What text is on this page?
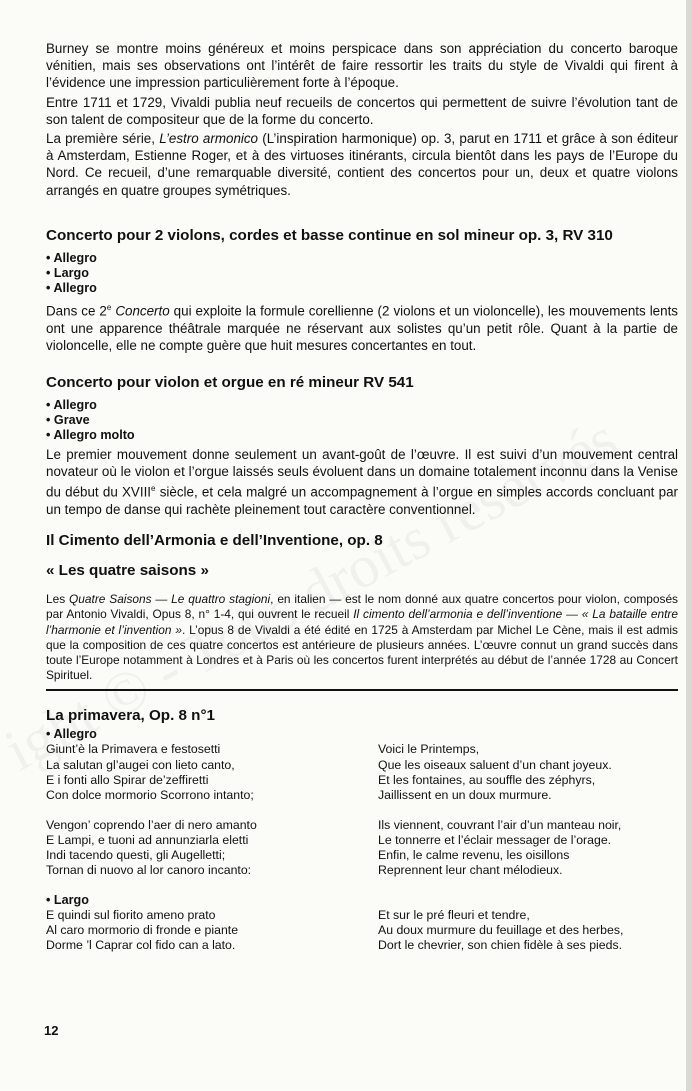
Burney se montre moins généreux et moins perspicace dans son appréciation du concerto baroque vénitien, mais ses observations ont l’intérêt de faire ressortir les traits du style de Vivaldi qui firent à l’évidence une impression particulièrement forte à l’époque.

Entre 1711 et 1729, Vivaldi publia neuf recueils de concertos qui permettent de suivre l’évolution tant de son talent de compositeur que de la forme du concerto.

La première série, L’estro armonico (L’inspiration harmonique) op. 3, parut en 1711 et grâce à son éditeur à Amsterdam, Estienne Roger, et à des virtuoses itinérants, circula bientôt dans les pays de l’Europe du Nord. Ce recueil, d’une remarquable diversité, contient des concertos pour un, deux et quatre violons arrangés en quatre groupes symétriques.

Concerto pour 2 violons, cordes et basse continue en sol mineur op. 3, RV 310
• Allegro
• Largo
• Allegro

Dans ce 2e Concerto qui exploite la formule corellienne (2 violons et un violoncelle), les mouvements lents ont une apparence théâtrale marquée ne réservant aux solistes qu’un petit rôle. Quant à la partie de violoncelle, elle ne compte guère que huit mesures concertantes en tout.

Concerto pour violon et orgue en ré mineur RV 541
• Allegro
• Grave
• Allegro molto

Le premier mouvement donne seulement un avant-goût de l’œuvre. Il est suivi d’un mouvement central novateur où le violon et l’orgue laissés seuls évoluent dans un domaine totalement inconnu dans la Venise du début du XVIIIe siècle, et cela malgré un accompagnement à l’orgue en simples accords concluant par un tempo de danse qui rachète pleinement tout caractère conventionnel.

Il Cimento dell’Armonia e dell’Inventione, op. 8
« Les quatre saisons »

Les Quatre Saisons — Le quattro stagioni, en italien — est le nom donné aux quatre concertos pour violon, composés par Antonio Vivaldi, Opus 8, n° 1-4, qui ouvrent le recueil Il cimento dell’armonia e dell’inventione — « La bataille entre l’harmonie et l’invention ». L’opus 8 de Vivaldi a été édité en 1725 à Amsterdam par Michel Le Cène, mais il est admis que la composition de ces quatre concertos est antérieure de plusieurs années. L’œuvre connut un grand succès dans toute l’Europe notamment à Londres et à Paris où les concertos furent interprétés au début de l’année 1728 au Concert Spirituel.

La primavera, Op. 8 n°1
• Allegro
Giunt’è la Primavera e festosetti
La salutan gl’augei con lieto canto,
E i fonti allo Spirar de’zeffiretti
Con dolce mormorio Scorrono intanto;
Voici le Printemps,
Que les oiseaux saluent d’un chant joyeux.
Et les fontaines, au souffle des zéphyrs,
Jaillissent en un doux murmure.
Vengon’ coprendo l’aer di nero amanto
E Lampi, e tuoni ad annunziarla eletti
Indi tacendo questi, gli Augelletti;
Tornan di nuovo al lor canoro incanto:
Ils viennent, couvrant l’air d’un manteau noir,
Le tonnerre et l’éclair messager de l’orage.
Enfin, le calme revenu, les oisillons
Reprennent leur chant mélodieux.
• Largo
E quindi sul fiorito ameno prato
Al caro mormorio di fronde e piante
Dorme ’l Caprar col fido can a lato.
Et sur le pré fleuri et tendre,
Au doux murmure du feuillage et des herbes,
Dort le chevrier, son chien fidèle à ses pieds.
12
